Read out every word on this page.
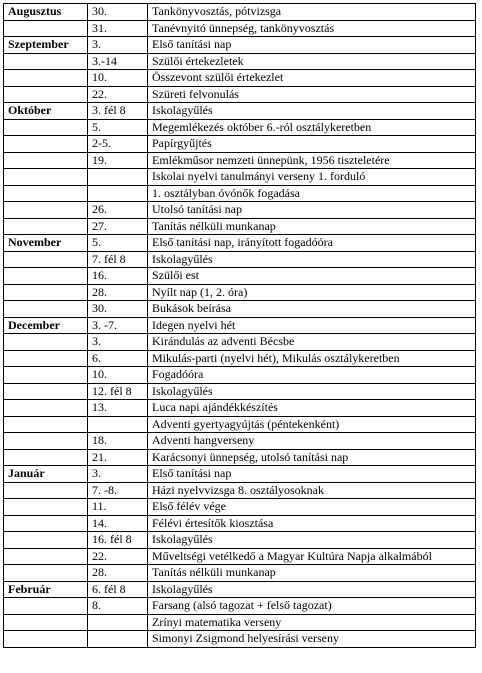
Augusztus	30.	Tankönyvosztás, pótvizsga
	31.	Tanévnyitó ünnepség, tankönyvosztás
Szeptember	3.	Első tanítási nap
	3.-14	Szülői értekezletek
	10.	Összevont szülői értekezlet
	22.	Szüreti felvonulás
Október	3. fél 8	Iskolagyűlés
	5.	Megemlékezés október 6.-ról osztálykeretben
	2-5.	Papírgyűjtés
	19.	Emlékműsor nemzeti ünnepünk, 1956 tiszteletére
		Iskolai nyelvi tanulmányi verseny 1. forduló
		1. osztályban óvónők fogadása
	26.	Utolsó tanítási nap
	27.	Tanítás nélküli munkanap
November	5.	Első tanítási nap, irányított fogadóóra
	7. fél 8	Iskolagyűlés
	16.	Szülői est
	28.	Nyílt nap (1, 2. óra)
	30.	Bukások beírása
December	3. -7.	Idegen nyelvi hét
	3.	Kirándulás az adventi Bécsbe
	6.	Mikulás-parti (nyelvi hét), Mikulás osztálykeretben
	10.	Fogadóóra
	12. fél 8	Iskolagyűlés
	13.	Luca napi ajándékkészítés
		Adventi gyertyagyújtás (péntekenként)
	18.	Adventi hangverseny
	21.	Karácsonyi ünnepség, utolsó tanítási nap
Január	3.	Első tanítási nap
	7. -8.	Házi nyelvvizsga 8. osztályosoknak
	11.	Első félév vége
	14.	Félévi értesítők kiosztása
	16. fél 8	Iskolagyűlés
	22.	Műveltségi vetélkedő a Magyar Kultúra Napja alkalmából
	28.	Tanítás nélküli munkanap
Február	6. fél 8	Iskolagyűlés
	8.	Farsang (alsó tagozat + felső tagozat)
		Zrínyi matematika verseny
		Simonyi Zsigmond helyesírási verseny
